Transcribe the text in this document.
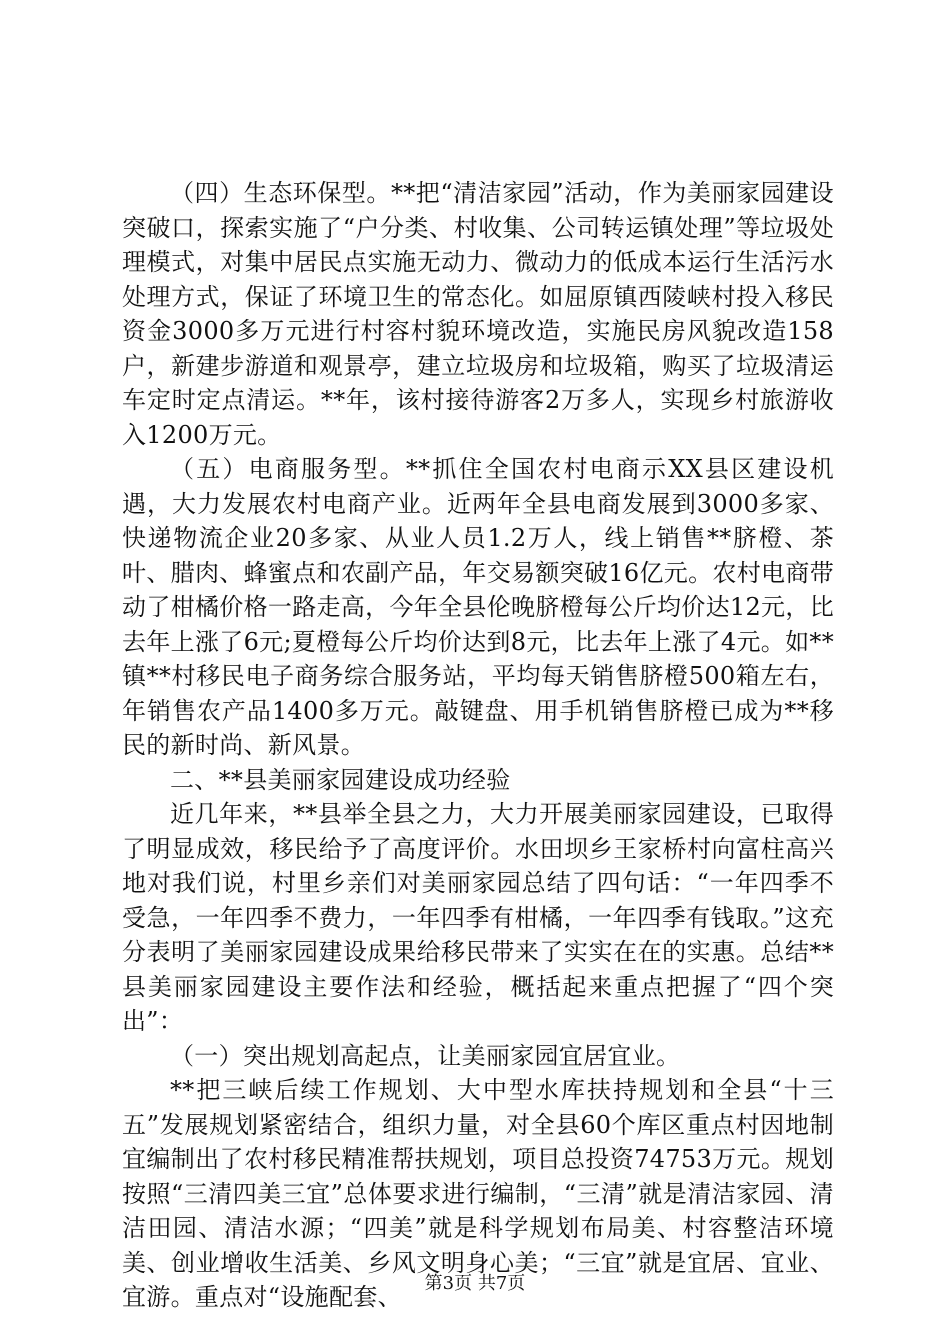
（四）生态环保型。**把“清洁家园”活动，作为美丽家园建设突破口，探索实施了“户分类、村收集、公司转运镇处理”等垃圾处理模式，对集中居民点实施无动力、微动力的低成本运行生活污水处理方式，保证了环境卫生的常态化。如屈原镇西陵峡村投入移民资金3000多万元进行村容村貌环境改造，实施民房风貌改造158户，新建步游道和观景亭，建立垃圾房和垃圾箱，购买了垃圾清运车定时定点清运。**年，该村接待游客2万多人，实现乡村旅游收入1200万元。

（五）电商服务型。**抓住全国农村电商示XX县区建设机遇，大力发展农村电商产业。近两年全县电商发展到3000多家、快递物流企业20多家、从业人员1.2万人，线上销售**脐橙、茶叶、腊肉、蜂蜜点和农副产品，年交易额突破16亿元。农村电商带动了柑橘价格一路走高，今年全县伦晚脐橙每公斤均价达12元，比去年上涨了6元;夏橙每公斤均价达到8元，比去年上涨了4元。如**镇**村移民电子商务综合服务站，平均每天销售脐橙500箱左右，年销售农产品1400多万元。敲键盘、用手机销售脐橙已成为**移民的新时尚、新风景。

二、**县美丽家园建设成功经验

近几年来，**县举全县之力，大力开展美丽家园建设，已取得了明显成效，移民给予了高度评价。水田坝乡王家桥村向富柱高兴地对我们说，村里乡亲们对美丽家园总结了四句话：“一年四季不受急，一年四季不费力，一年四季有柑橘，一年四季有钱取。”这充分表明了美丽家园建设成果给移民带来了实实在在的实惠。总结**县美丽家园建设主要作法和经验，概括起来重点把握了“四个突出”：

（一）突出规划高起点，让美丽家园宜居宜业。

**把三峡后续工作规划、大中型水库扶持规划和全县“十三五”发展规划紧密结合，组织力量，对全县60个库区重点村因地制宜编制出了农村移民精准帮扶规划，项目总投资74753万元。规划按照“三清四美三宜”总体要求进行编制，“三清”就是清洁家园、清洁田园、清洁水源；“四美”就是科学规划布局美、村容整洁环境美、创业增收生活美、乡风文明身心美；“三宜”就是宜居、宜业、宜游。重点对“设施配套、	第3页 共7页
